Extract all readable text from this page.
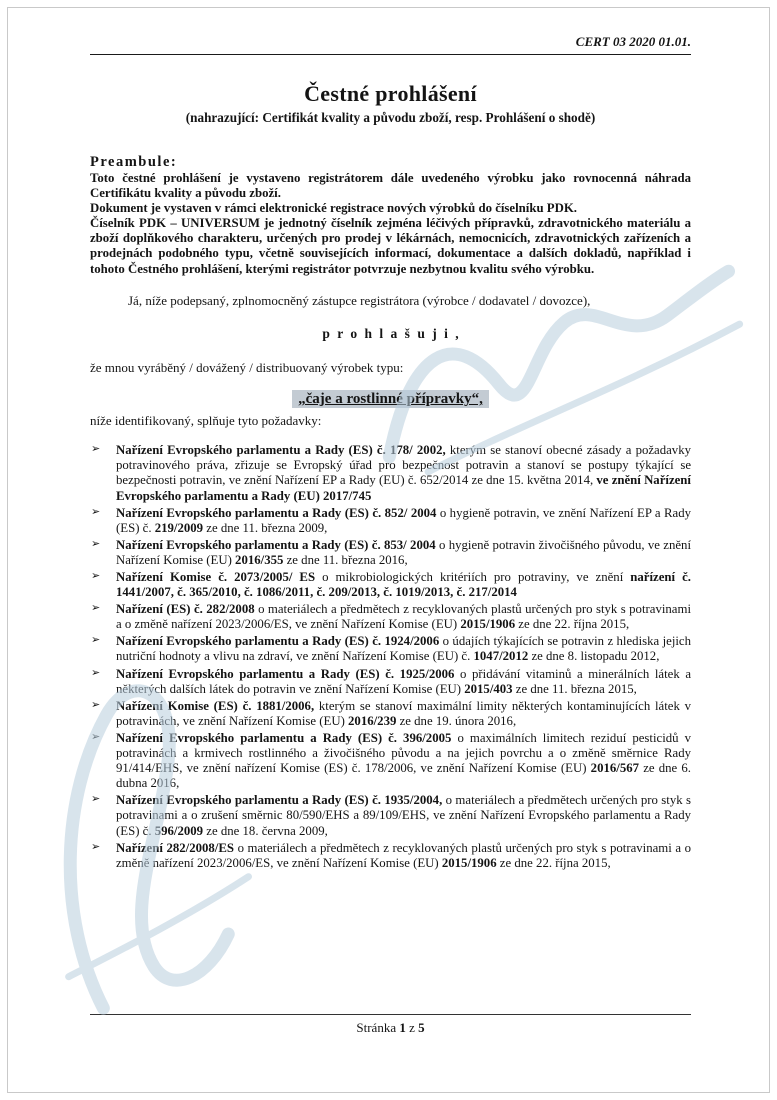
CERT 03 2020 01.01.
Čestné prohlášení
(nahrazující: Certifikát kvality a původu zboží, resp. Prohlášení o shodě)
Preambule:

Toto čestné prohlášení je vystaveno registrátorem dále uvedeného výrobku jako rovnocenná náhrada Certifikátu kvality a původu zboží.

Dokument je vystaven v rámci elektronické registrace nových výrobků do číselníku PDK.

Číselník PDK – UNIVERSUM je jednotný číselník zejména léčivých přípravků, zdravotnického materiálu a zboží doplňkového charakteru, určených pro prodej v lékárnách, nemocnicích, zdravotnických zařízeních a prodejnách podobného typu, včetně souvisejících informací, dokumentace a dalších dokladů, například i tohoto Čestného prohlášení, kterými registrátor potvrzuje nezbytnou kvalitu svého výrobku.

Já, níže podepsaný, zplnomocněný zástupce registrátora (výrobce / dodavatel / dovozce),

p r o h l a š u j i ,

že mnou vyráběný / dovážený / distribuovaný výrobek typu:

„čaje a rostlinné přípravky“,

níže identifikovaný, splňuje tyto požadavky:

➢ Nařízení Evropského parlamentu a Rady (ES) č. 178/ 2002, kterým se stanoví obecné zásady a požadavky potravinového práva, zřizuje se Evropský úřad pro bezpečnost potravin a stanoví se postupy týkající se bezpečnosti potravin, ve znění Nařízení EP a Rady (EU) č. 652/2014 ze dne 15. května 2014, ve znění Nařízení Evropského parlamentu a Rady (EU) 2017/745
➢ Nařízení Evropského parlamentu a Rady (ES) č. 852/ 2004 o hygieně potravin, ve znění Nařízení EP a Rady (ES) č. 219/2009 ze dne 11. března 2009,
➢ Nařízení Evropského parlamentu a Rady (ES) č. 853/ 2004 o hygieně potravin živočišného původu, ve znění Nařízení Komise (EU) 2016/355 ze dne 11. března 2016,
➢ Nařízení Komise č. 2073/2005/ ES o mikrobiologických kritériích pro potraviny, ve znění nařízení č. 1441/2007, č. 365/2010, č. 1086/2011, č. 209/2013, č. 1019/2013, č. 217/2014
➢ Nařízení (ES) č. 282/2008 o materiálech a předmětech z recyklovaných plastů určených pro styk s potravinami a o změně nařízení 2023/2006/ES, ve znění Nařízení Komise (EU) 2015/1906 ze dne 22. října 2015,
➢ Nařízení Evropského parlamentu a Rady (ES) č. 1924/2006 o údajích týkajících se potravin z hlediska jejich nutriční hodnoty a vlivu na zdraví, ve znění Nařízení Komise (EU) č. 1047/2012 ze dne 8. listopadu 2012,
➢ Nařízení Evropského parlamentu a Rady (ES) č. 1925/2006 o přidávání vitaminů a minerálních látek a některých dalších látek do potravin ve znění Nařízení Komise (EU) 2015/403 ze dne 11. března 2015,
➢ Nařízení Komise (ES) č. 1881/2006, kterým se stanoví maximální limity některých kontaminujících látek v potravinách, ve znění Nařízení Komise (EU) 2016/239 ze dne 19. února 2016,
➢ Nařízení Evropského parlamentu a Rady (ES) č. 396/2005 o maximálních limitech reziduí pesticidů v potravinách a krmivech rostlinného a živočišného původu a na jejich povrchu a o změně směrnice Rady 91/414/EHS, ve znění nařízení Komise (ES) č. 178/2006, ve znění Nařízení Komise (EU) 2016/567 ze dne 6. dubna 2016,
➢ Nařízení Evropského parlamentu a Rady (ES) č. 1935/2004, o materiálech a předmětech určených pro styk s potravinami a o zrušení směrnic 80/590/EHS a 89/109/EHS, ve znění Nařízení Evropského parlamentu a Rady (ES) č. 596/2009 ze dne 18. června 2009,
➢ Nařízení 282/2008/ES o materiálech a předmětech z recyklovaných plastů určených pro styk s potravinami a o změně nařízení 2023/2006/ES, ve znění Nařízení Komise (EU) 2015/1906 ze dne 22. října 2015,
Stránka 1 z 5
